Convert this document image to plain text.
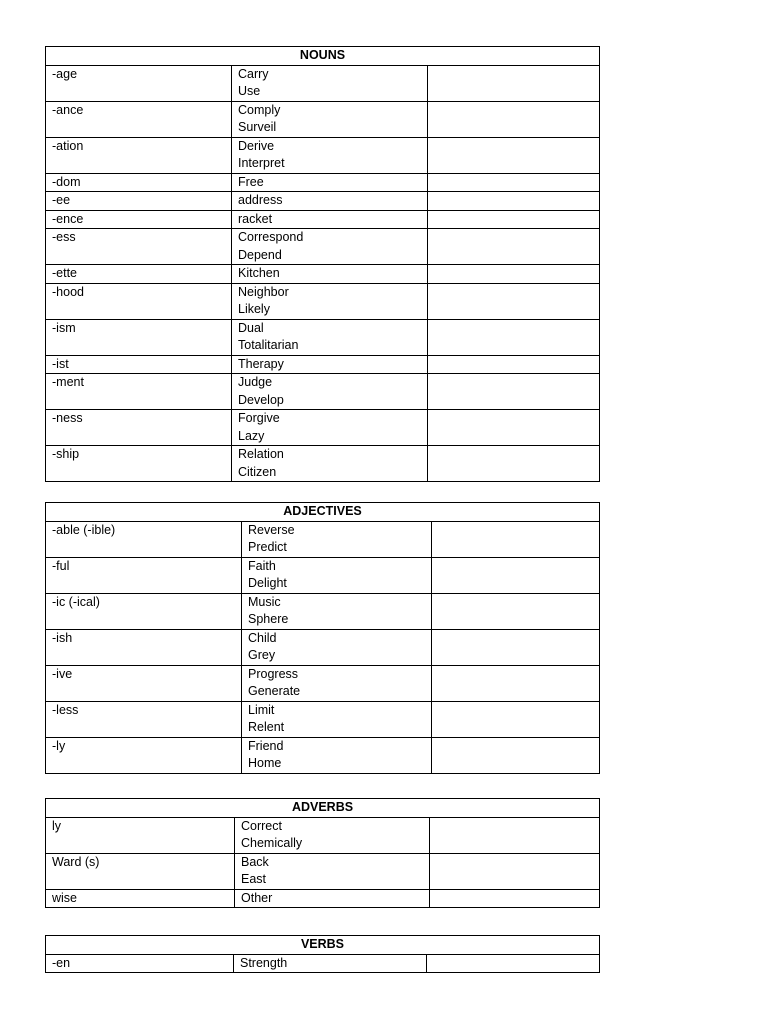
NOUNS		
-age	Carry
Use	

-ance	Comply
Surveil	

-ation	Derive
Interpret	

-dom	Free	

-ee	address	

-ence	racket	

-ess	Correspond
Depend	

-ette	Kitchen	

-hood	Neighbor
Likely	

-ism	Dual
Totalitarian	

-ist	Therapy	

-ment	Judge
Develop	

-ness	Forgive
Lazy	

-ship	Relation
Citizen	

ADJECTIVES		
-able (-ible)	Reverse
Predict	

-ful	Faith
Delight	

-ic (-ical)	Music
Sphere	

-ish	Child
Grey	

-ive	Progress
Generate	

-less	Limit
Relent	

-ly	Friend
Home	

ADVERBS		
ly	Correct
Chemically	

Ward (s)	Back
East	

wise	Other	

VERBS
-en	Strength
